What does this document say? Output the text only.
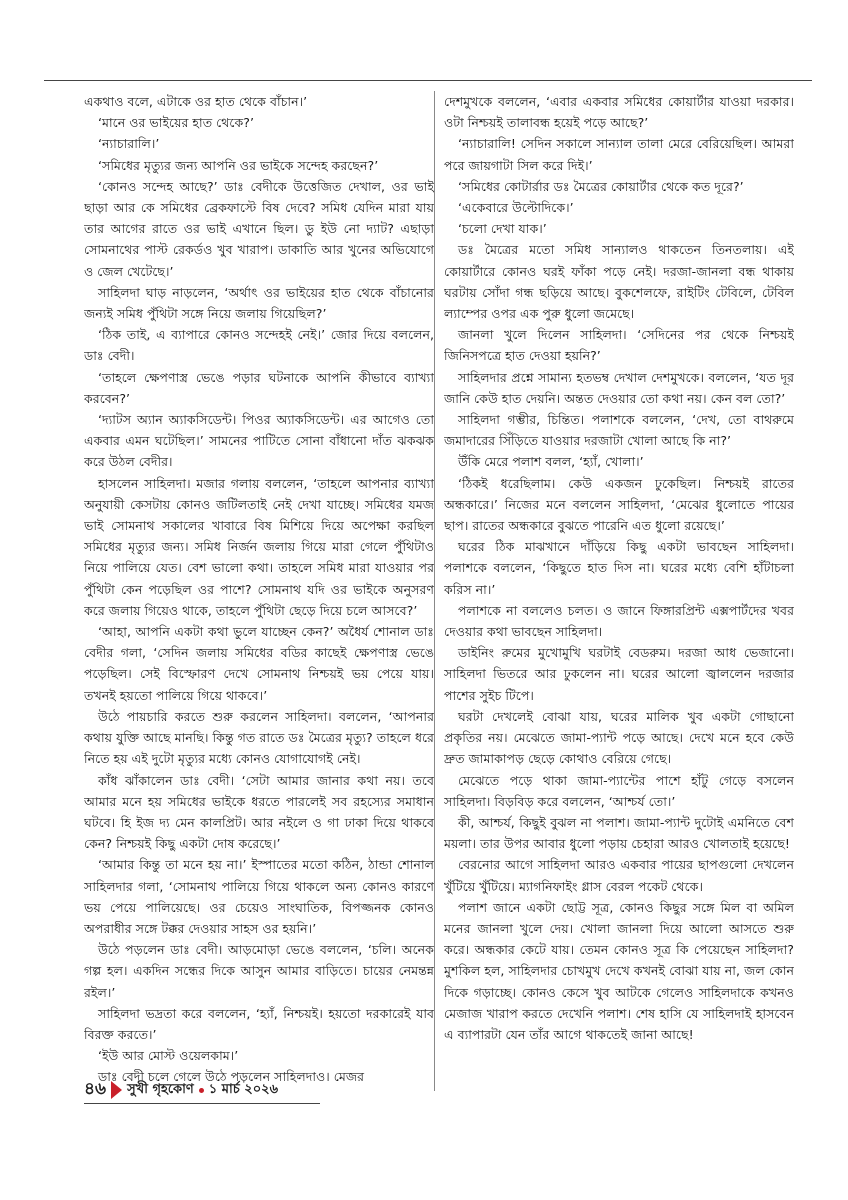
একথাও বলে, এটাকে ওর হাত থেকে বাঁচান।’

‘মানে ওর ভাইয়ের হাত থেকে?’

‘ন্যাচারালি।’

‘সমিধের মৃত্যুর জন্য আপনি ওর ভাইকে সন্দেহ করছেন?’

‘কোনও সন্দেহ আছে?’ ডাঃ বেদীকে উত্তেজিত দেখাল, ওর ভাই ছাড়া আর কে সমিধের ব্রেকফাস্টে বিষ দেবে? সমিধ যেদিন মারা যায় তার আগের রাতে ওর ভাই এখানে ছিল। ডু ইউ নো দ্যাট? এছাড়া সোমনাথের পাস্ট রেকর্ডও খুব খারাপ। ডাকাতি আর খুনের অভিযোগে ও জেল খেটেছে।’

সাহিলদা ঘাড় নাড়লেন, ‘অর্থাৎ ওর ভাইয়ের হাত থেকে বাঁচানোর জন্যই সমিধ পুঁথিটা সঙ্গে নিয়ে জলায় গিয়েছিল?’

‘ঠিক তাই, এ ব্যাপারে কোনও সন্দেহই নেই।’ জোর দিয়ে বললেন, ডাঃ বেদী।

‘তাহলে ক্ষেপণাস্ত্র ভেঙে পড়ার ঘটনাকে আপনি কীভাবে ব্যাখ্যা করবেন?’

‘দ্যাটস অ্যান অ্যাকসিডেন্ট। পিওর অ্যাকসিডেন্ট। এর আগেও তো একবার এমন ঘটেছিল।’ সামনের পাটিতে সোনা বাঁধানো দাঁত ঝকঝক করে উঠল বেদীর।

হাসলেন সাহিলদা। মজার গলায় বললেন, ‘তাহলে আপনার ব্যাখ্যা অনুযায়ী কেসটায় কোনও জটিলতাই নেই দেখা যাচ্ছে। সমিধের যমজ ভাই সোমনাথ সকালের খাবারে বিষ মিশিয়ে দিয়ে অপেক্ষা করছিল সমিধের মৃত্যুর জন্য। সমিধ নির্জন জলায় গিয়ে মারা গেলে পুঁথিটাও নিয়ে পালিয়ে যেত। বেশ ভালো কথা। তাহলে সমিধ মারা যাওয়ার পর পুঁথিটা কেন পড়েছিল ওর পাশে? সোমনাথ যদি ওর ভাইকে অনুসরণ করে জলায় গিয়েও থাকে, তাহলে পুঁথিটা ছেড়ে দিয়ে চলে আসবে?’

‘আহা, আপনি একটা কথা ভুলে যাচ্ছেন কেন?’ অধৈর্য শোনাল ডাঃ বেদীর গলা, ‘সেদিন জলায় সমিধের বডির কাছেই ক্ষেপণাস্ত্র ভেঙে পড়েছিল। সেই বিস্ফোরণ দেখে সোমনাথ নিশ্চয়ই ভয় পেয়ে যায়। তখনই হয়তো পালিয়ে গিয়ে থাকবে।’

উঠে পায়চারি করতে শুরু করলেন সাহিলদা। বললেন, ‘আপনার কথায় যুক্তি আছে মানছি। কিন্তু গত রাতে ডঃ মৈত্রের মৃত্যু? তাহলে ধরে নিতে হয় এই দুটো মৃত্যুর মধ্যে কোনও যোগাযোগই নেই।

কাঁধ ঝাঁকালেন ডাঃ বেদী। ‘সেটা আমার জানার কথা নয়। তবে আমার মনে হয় সমিধের ভাইকে ধরতে পারলেই সব রহস্যের সমাধান ঘটবে। হি ইজ দ্য মেন কালপ্রিট। আর নইলে ও গা ঢাকা দিয়ে থাকবে কেন? নিশ্চয়ই কিছু একটা দোষ করেছে।’

‘আমার কিন্তু তা মনে হয় না।’ ইস্পাতের মতো কঠিন, ঠান্ডা শোনাল সাহিলদার গলা, ‘সোমনাথ পালিয়ে গিয়ে থাকলে অন্য কোনও কারণে ভয় পেয়ে পালিয়েছে। ওর চেয়েও সাংঘাতিক, বিপজ্জনক কোনও অপরাধীর সঙ্গে টক্কর দেওয়ার সাহস ওর হয়নি।’

উঠে পড়লেন ডাঃ বেদী। আড়মোড়া ভেঙে বললেন, ‘চলি। অনেক গল্প হল। একদিন সন্ধের দিকে আসুন আমার বাড়িতে। চায়ের নেমন্তন্ন রইল।’

সাহিলদা ভদ্রতা করে বললেন, ‘হ্যাঁ, নিশ্চয়ই। হয়তো দরকারেই যাব বিরক্ত করতে।’

‘ইউ আর মোস্ট ওয়েলকাম।’

ডাঃ বেদী চলে গেলে উঠে পড়লেন সাহিলদাও। মেজর

দেশমুখকে বললেন, ‘এবার একবার সমিধের কোয়ার্টার যাওয়া দরকার। ওটা নিশ্চয়ই তালাবন্ধ হয়েই পড়ে আছে?’

‘ন্যাচারালি! সেদিন সকালে সান্যাল তালা মেরে বেরিয়েছিল। আমরা পরে জায়গাটা সিল করে দিই।’

‘সমিধের কোটার্রার ডঃ মৈত্রের কোয়ার্টার থেকে কত দূরে?’

‘একেবারে উল্টোদিকে।’

‘চলো দেখা যাক।’

ডঃ মৈত্রের মতো সমিধ সান্যালও থাকতেন তিনতলায়। এই কোয়ার্টারে কোনও ঘরই ফাঁকা পড়ে নেই। দরজা-জানলা বন্ধ থাকায় ঘরটায় সোঁদা গন্ধ ছড়িয়ে আছে। বুকশেলফে, রাইটিং টেবিলে, টেবিল ল্যাম্পের ওপর এক পুরু ধুলো জমেছে।

জানলা খুলে দিলেন সাহিলদা। ‘সেদিনের পর থেকে নিশ্চয়ই জিনিসপত্রে হাত দেওয়া হয়নি?’

সাহিলদার প্রশ্নে সামান্য হতভম্ব দেখাল দেশমুখকে। বললেন, ‘যত দূর জানি কেউ হাত দেয়নি। অন্তত দেওয়ার তো কথা নয়। কেন বল তো?’

সাহিলদা গম্ভীর, চিন্তিত। পলাশকে বললেন, ‘দেখ, তো বাথরুমে জমাদারের সিঁড়িতে যাওয়ার দরজাটা খোলা আছে কি না?’

উঁকি মেরে পলাশ বলল, ‘হ্যাঁ, খোলা।’

‘ঠিকই ধরেছিলাম। কেউ একজন ঢুকেছিল। নিশ্চয়ই রাতের অন্ধকারে।’ নিজের মনে বললেন সাহিলদা, ‘মেঝের ধুলোতে পায়ের ছাপ। রাতের অন্ধকারে বুঝতে পারেনি এত ধুলো রয়েছে।’

ঘরের ঠিক মাঝখানে দাঁড়িয়ে কিছু একটা ভাবছেন সাহিলদা। পলাশকে বললেন, ‘কিছুতে হাত দিস না। ঘরের মধ্যে বেশি হাঁটাচলা করিস না।’

পলাশকে না বললেও চলত। ও জানে ফিঙ্গারপ্রিন্ট এক্সপার্টদের খবর দেওয়ার কথা ভাবছেন সাহিলদা।

ডাইনিং রুমের মুখোমুখি ঘরটাই বেডরুম। দরজা আধ ভেজানো। সাহিলদা ভিতরে আর ঢুকলেন না। ঘরের আলো জ্বাললেন দরজার পাশের সুইচ টিপে।

ঘরটা দেখলেই বোঝা যায়, ঘরের মালিক খুব একটা গোছানো প্রকৃতির নয়। মেঝেতে জামা-প্যান্ট পড়ে আছে। দেখে মনে হবে কেউ দ্রুত জামাকাপড় ছেড়ে কোথাও বেরিয়ে গেছে।

মেঝেতে পড়ে থাকা জামা-প্যান্টের পাশে হাঁটু গেড়ে বসলেন সাহিলদা। বিড়বিড় করে বললেন, ‘আশ্চর্য তো।’

কী, আশ্চর্য, কিছুই বুঝল না পলাশ। জামা-প্যান্ট দুটোই এমনিতে বেশ ময়লা। তার উপর আবার ধুলো পড়ায় চেহারা আরও খোলতাই হয়েছে!

বেরনোর আগে সাহিলদা আরও একবার পায়ের ছাপগুলো দেখলেন খুঁটিয়ে খুঁটিয়ে। ম্যাগনিফাইং গ্লাস বেরল পকেট থেকে।

পলাশ জানে একটা ছোট্ট সূত্র, কোনও কিছুর সঙ্গে মিল বা অমিল মনের জানলা খুলে দেয়। খোলা জানলা দিয়ে আলো আসতে শুরু করে। অন্ধকার কেটে যায়। তেমন কোনও সূত্র কি পেয়েছেন সাহিলদা? মুশকিল হল, সাহিলদার চোখমুখ দেখে কখনই বোঝা যায় না, জল কোন দিকে গড়াচ্ছে। কোনও কেসে খুব আটকে গেলেও সাহিলদাকে কখনও মেজাজ খারাপ করতে দেখেনি পলাশ। শেষ হাসি যে সাহিলদাই হাসবেন এ ব্যাপারটা যেন তাঁর আগে থাকতেই জানা আছে!

৪৬ সুখী গৃহকোণ ১ মার্চ ২০২৬
